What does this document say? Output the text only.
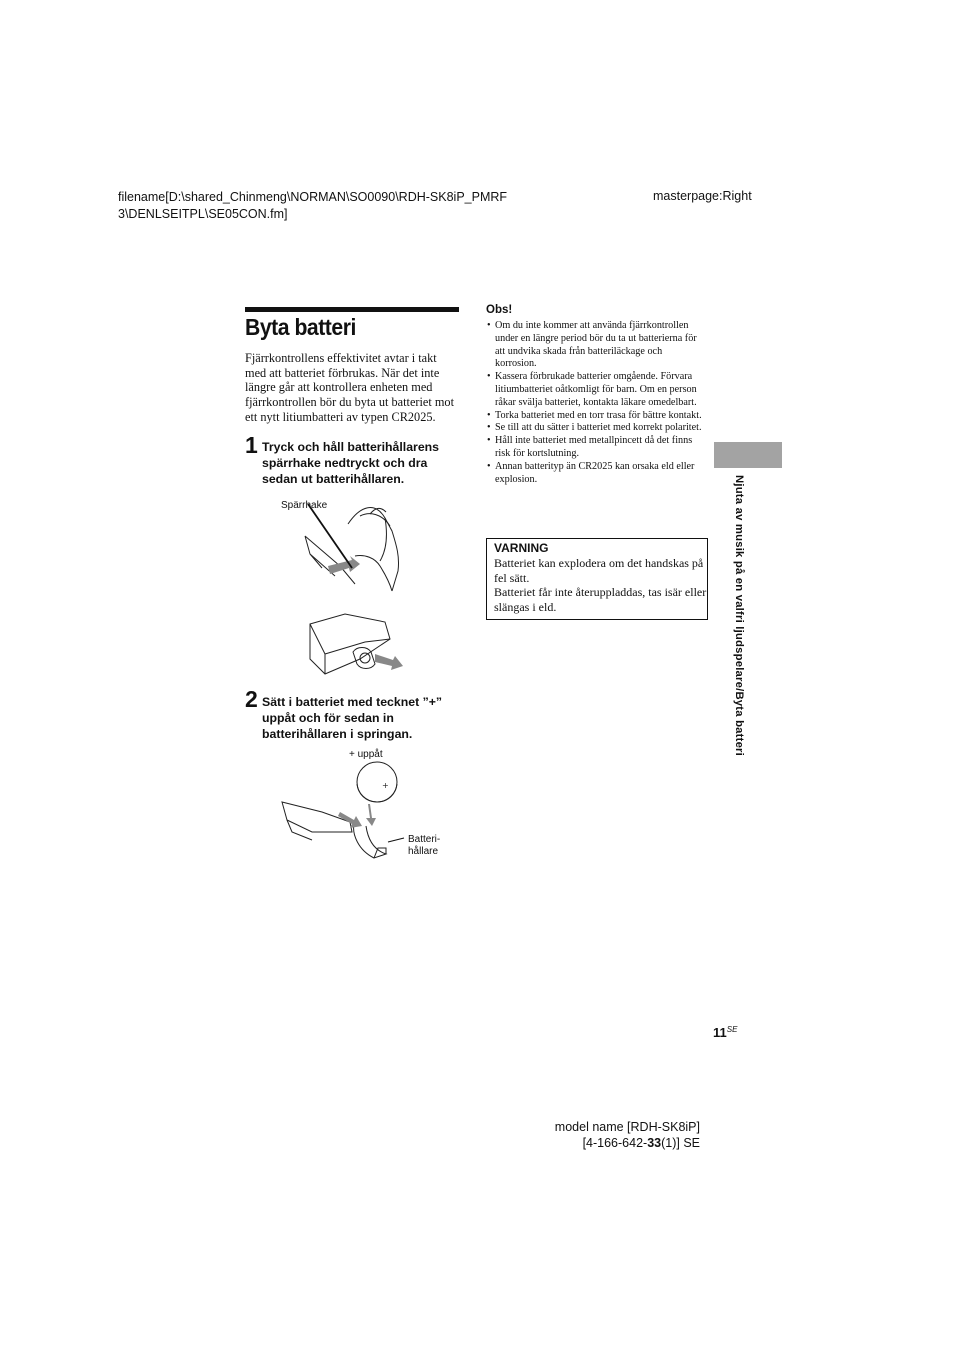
filename[D:\shared_Chinmeng\NORMAN\SO0090\RDH-SK8iP_PMRF
3\DENLSEITPL\SE05CON.fm]
masterpage:Right
Byta batteri
Fjärrkontrollens effektivitet avtar i takt med att batteriet förbrukas. När det inte längre går att kontrollera enheten med fjärrkontrollen bör du byta ut batteriet mot ett nytt litiumbatteri av typen CR2025.
1 Tryck och håll batterihållarens spärrhake nedtryckt och dra sedan ut batterihållaren.
Spärrhake
2 Sätt i batteriet med tecknet ”+” uppåt och för sedan in batterihållaren i springan.
+
+ uppåt
Batteri-
hållare
Obs!
• Om du inte kommer att använda fjärrkontrollen under en längre period bör du ta ut batterierna för att undvika skada från batteriläckage och korrosion.
• Kassera förbrukade batterier omgående. Förvara litiumbatteriet oåtkomligt för barn. Om en person råkar svälja batteriet, kontakta läkare omedelbart.
• Torka batteriet med en torr trasa för bättre kontakt.
• Se till att du sätter i batteriet med korrekt polaritet.
• Håll inte batteriet med metallpincett då det finns risk för kortslutning.
• Annan batterityp än CR2025 kan orsaka eld eller explosion.
VARNING

Batteriet kan explodera om det handskas på fel sätt.

Batteriet får inte återuppladdas, tas isär eller slängas i eld.	Njuta av musik på en valfri ljudspelare/Byta batteri
$11^{SE}$
model name [RDH-SK8iP]
[4-166-642-33(1)] SE
